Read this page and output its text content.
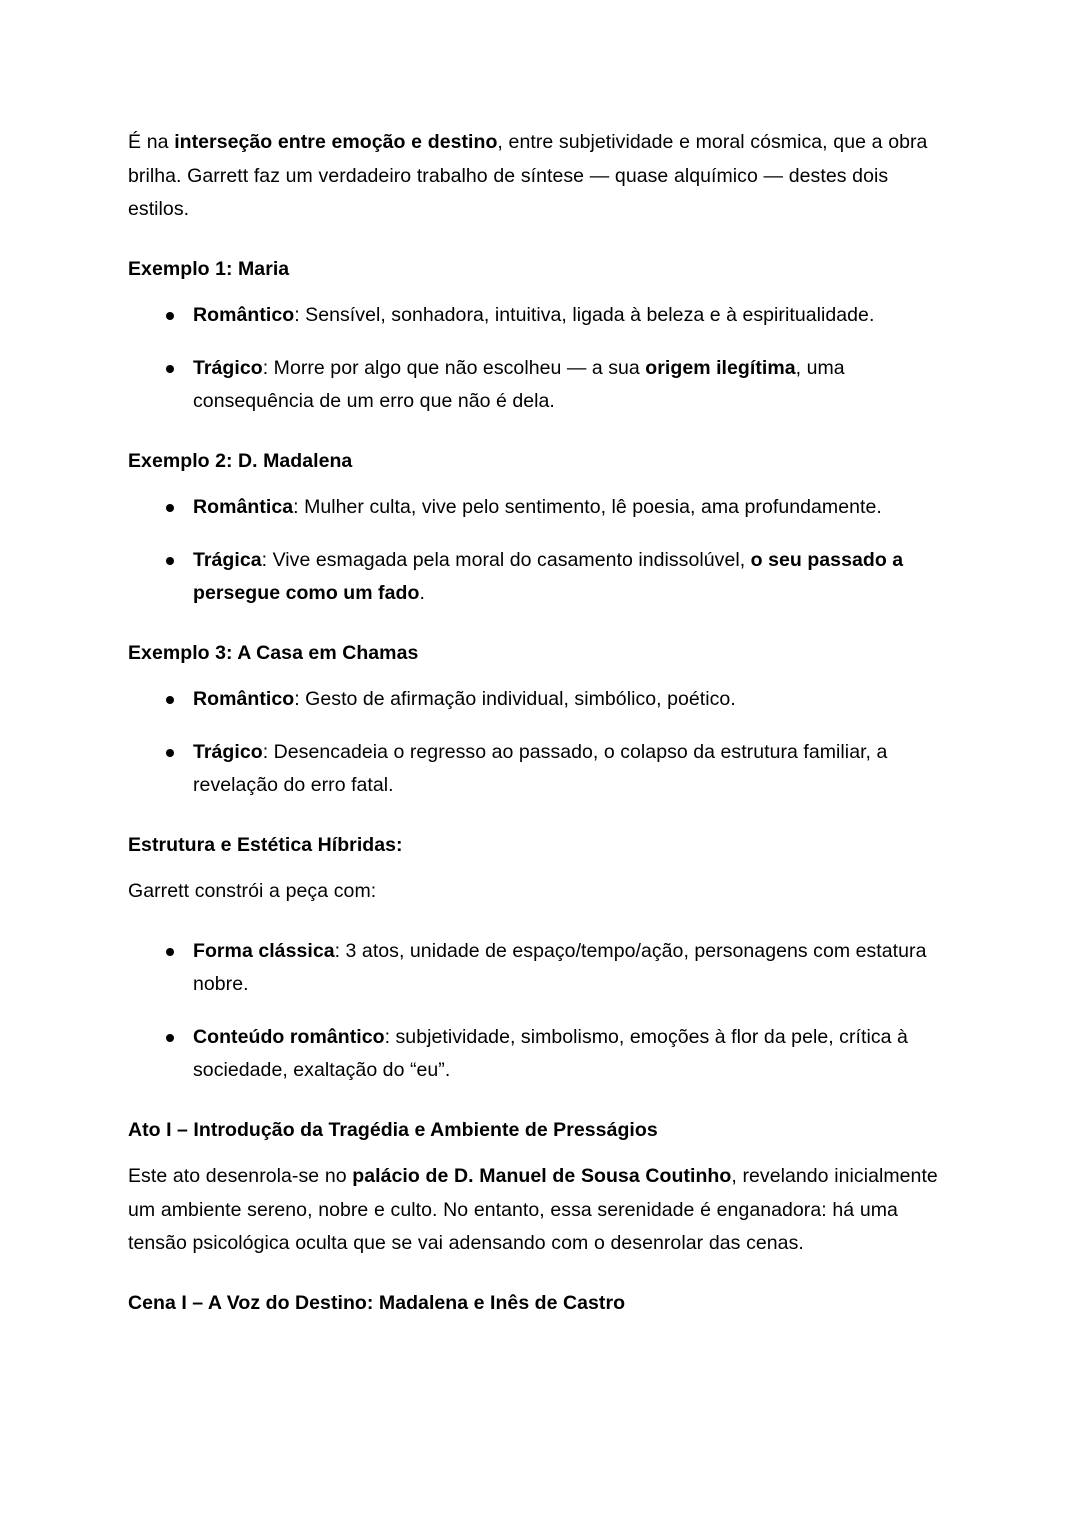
É na interseção entre emoção e destino, entre subjetividade e moral cósmica, que a obra brilha. Garrett faz um verdadeiro trabalho de síntese — quase alquímico — destes dois estilos.

Exemplo 1: Maria
Romântico: Sensível, sonhadora, intuitiva, ligada à beleza e à espiritualidade.
Trágico: Morre por algo que não escolheu — a sua origem ilegítima, uma consequência de um erro que não é dela.
Exemplo 2: D. Madalena
Romântica: Mulher culta, vive pelo sentimento, lê poesia, ama profundamente.
Trágica: Vive esmagada pela moral do casamento indissolúvel, o seu passado a persegue como um fado.
Exemplo 3: A Casa em Chamas
Romântico: Gesto de afirmação individual, simbólico, poético.
Trágico: Desencadeia o regresso ao passado, o colapso da estrutura familiar, a revelação do erro fatal.
Estrutura e Estética Híbridas:

Garrett constrói a peça com:

Forma clássica: 3 atos, unidade de espaço/tempo/ação, personagens com estatura nobre.
Conteúdo romântico: subjetividade, simbolismo, emoções à flor da pele, crítica à sociedade, exaltação do “eu”.
Ato I – Introdução da Tragédia e Ambiente de Presságios

Este ato desenrola-se no palácio de D. Manuel de Sousa Coutinho, revelando inicialmente um ambiente sereno, nobre e culto. No entanto, essa serenidade é enganadora: há uma tensão psicológica oculta que se vai adensando com o desenrolar das cenas.

Cena I – A Voz do Destino: Madalena e Inês de Castro
